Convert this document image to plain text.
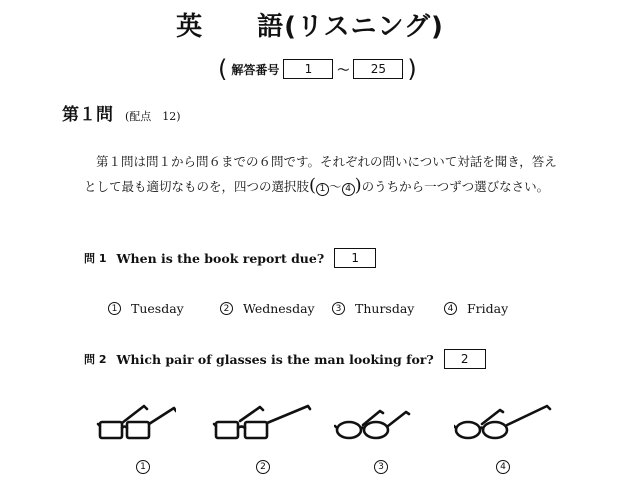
英　　語(リスニング)
( 解答番号	1	～	25 )
第１問 (配点　12)
第１問は問１から問６までの６問です。それぞれの問いについて対話を聞き，答えとして最も適切なものを，四つの選択肢( 1 ～ 4 )のうちから一つずつ選びなさい。
問 1 When is the book report due?	1
1 Tuesday	2 Wednesday	3 Thursday	4 Friday
問 2 Which pair of glasses is the man looking for?	2
1	2	3	4
